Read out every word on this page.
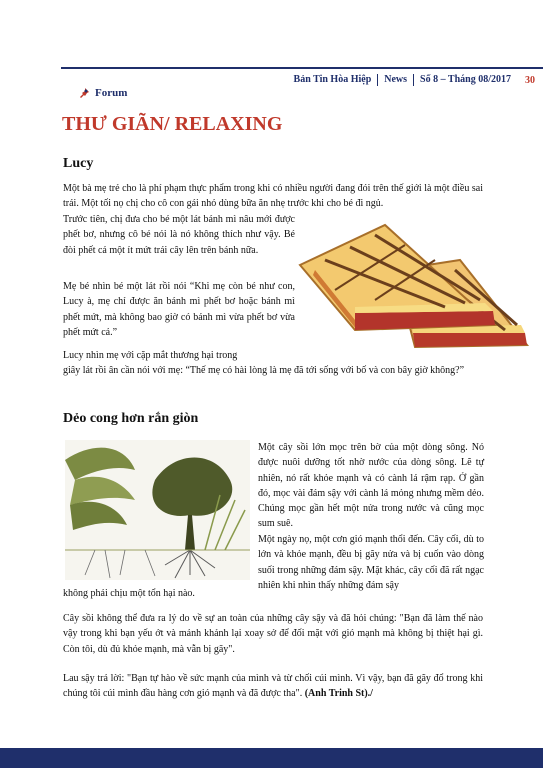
Bản Tin Hòa Hiệp	News	Số 8 – Tháng 08/2017	30
Forum
THƯ GIÃN/ RELAXING
Lucy
Một bà mẹ trẻ cho là phí phạm thực phẩm trong khi có nhiều người đang đói trên thế giới là một điều sai trái. Một tối nọ chị cho cô con gái nhỏ dùng bữa ăn nhẹ trước khi cho bé đi ngủ.
Trước tiên, chị đưa cho bé một lát bánh mì nâu mới được phết bơ, nhưng cô bé nói là nó không thích như vậy. Bé đòi phết cả một ít mứt trái cây lên trên bánh nữa.
Mẹ bé nhìn bé một lát rồi nói “Khi mẹ còn bé như con, Lucy à, mẹ chỉ được ăn bánh mì phết bơ hoặc bánh mì phết mứt, mà không bao giờ có bánh mì vừa phết bơ vừa phết mứt cả.”
Lucy nhìn mẹ với cặp mắt thương hại trong
giây lát rồi ân cần nói với mẹ: “Thế mẹ có hài lòng là mẹ đã tới sống với bố và con bây giờ không?”
Dẻo cong hơn rắn giòn
Một cây sồi lớn mọc trên bờ của một dòng sông. Nó được nuôi dưỡng tốt nhờ nước của dòng sông. Lẽ tự nhiên, nó rất khỏe mạnh và có cành lá rậm rạp. Ở gần đó, mọc vài đám sậy với cành lá mỏng nhưng mềm dẻo. Chúng mọc gần hết một nửa trong nước và cũng mọc sum suê.
Một ngày nọ, một cơn gió mạnh thổi đến. Cây cối, dù to lớn và khỏe mạnh, đều bị gãy nửa và bị cuốn vào dòng suối trong những đám sậy. Mặt khác, cây cối đã rất ngạc nhiên khi nhìn thấy những đám sậy
không phải chịu một tổn hại nào.
Cây sồi không thể đưa ra lý do về sự an toàn của những cây sậy và đã hỏi chúng: "Bạn đã làm thế nào vậy trong khi bạn yếu ớt và mảnh khảnh lại xoay sở để đối mặt với gió mạnh mà không bị thiệt hại gì. Còn tôi, dù đủ khỏe mạnh, mà vẫn bị gãy".
Lau sậy trả lời: "Bạn tự hào về sức mạnh của mình và từ chối cúi mình. Vì vậy, bạn đã gãy đổ trong khi chúng tôi cúi mình đầu hàng cơn gió mạnh và đã được tha". (Anh Trinh St)./
